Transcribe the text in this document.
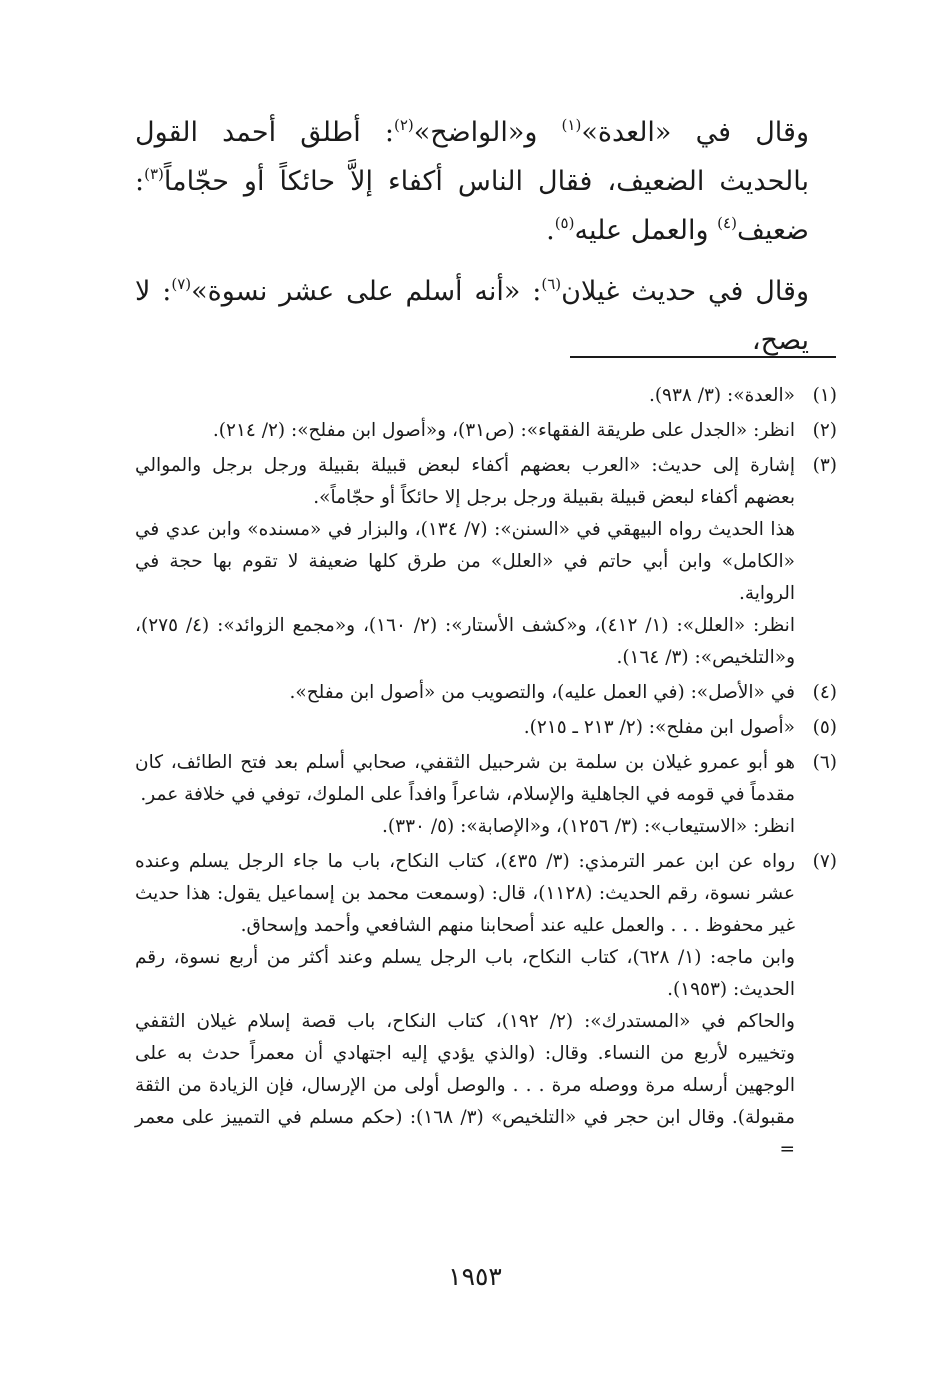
وقال في «العدة»$^{(١)}$ و«الواضح»$^{(٢)}$: أطلق أحمد القول بالحديث الضعيف، فقال الناس أكفاء إلاَّ حائكاً أو حجّاماً$^{(٣)}$: ضعيف$^{(٤)}$ والعمل عليه$^{(٥)}$.

وقال في حديث غيلان$^{(٦)}$: «أنه أسلم على عشر نسوة»$^{(٧)}$: لا يصح،

(١)
«العدة»: (٣/ ٩٣٨).
(٢)
انظر: «الجدل على طريقة الفقهاء»: (ص٣١)، و«أصول ابن مفلح»: (٢/ ٢١٤).
(٣)
إشارة إلى حديث: «العرب بعضهم أكفاء لبعض قبيلة بقبيلة ورجل برجل والموالي بعضهم أكفاء لبعض قبيلة بقبيلة ورجل برجل إلا حائكاً أو حجّاماً».
هذا الحديث رواه البيهقي في «السنن»: (٧/ ١٣٤)، والبزار في «مسنده» وابن عدي في «الكامل» وابن أبي حاتم في «العلل» من طرق كلها ضعيفة لا تقوم بها حجة في الرواية.
انظر: «العلل»: (١/ ٤١٢)، و«كشف الأستار»: (٢/ ١٦٠)، و«مجمع الزوائد»: (٤/ ٢٧٥)، و«التلخيص»: (٣/ ١٦٤).
(٤)
في «الأصل»: (في العمل عليه)، والتصويب من «أصول ابن مفلح».
(٥)
«أصول ابن مفلح»: (٢/ ٢١٣ ـ ٢١٥).
(٦)
هو أبو عمرو غيلان بن سلمة بن شرحبيل الثقفي، صحابي أسلم بعد فتح الطائف، كان مقدماً في قومه في الجاهلية والإسلام، شاعراً وافداً على الملوك، توفي في خلافة عمر.
انظر: «الاستيعاب»: (٣/ ١٢٥٦)، و«الإصابة»: (٥/ ٣٣٠).
(٧)
رواه عن ابن عمر الترمذي: (٣/ ٤٣٥)، كتاب النكاح، باب ما جاء الرجل يسلم وعنده عشر نسوة، رقم الحديث: (١١٢٨)، قال: (وسمعت محمد بن إسماعيل يقول: هذا حديث غير محفوظ . . . والعمل عليه عند أصحابنا منهم الشافعي وأحمد وإسحاق.
وابن ماجه: (١/ ٦٢٨)، كتاب النكاح، باب الرجل يسلم وعند أكثر من أربع نسوة، رقم الحديث: (١٩٥٣).
والحاكم في «المستدرك»: (٢/ ١٩٢)، كتاب النكاح، باب قصة إسلام غيلان الثقفي وتخييره لأربع من النساء. وقال: (والذي يؤدي إليه اجتهادي أن معمراً حدث به على الوجهين أرسله مرة ووصله مرة . . . والوصل أولى من الإرسال، فإن الزيادة من الثقة مقبولة). وقال ابن حجر في «التلخيص» (٣/ ١٦٨): (حكم مسلم في التمييز على معمر =
١٩٥٣
